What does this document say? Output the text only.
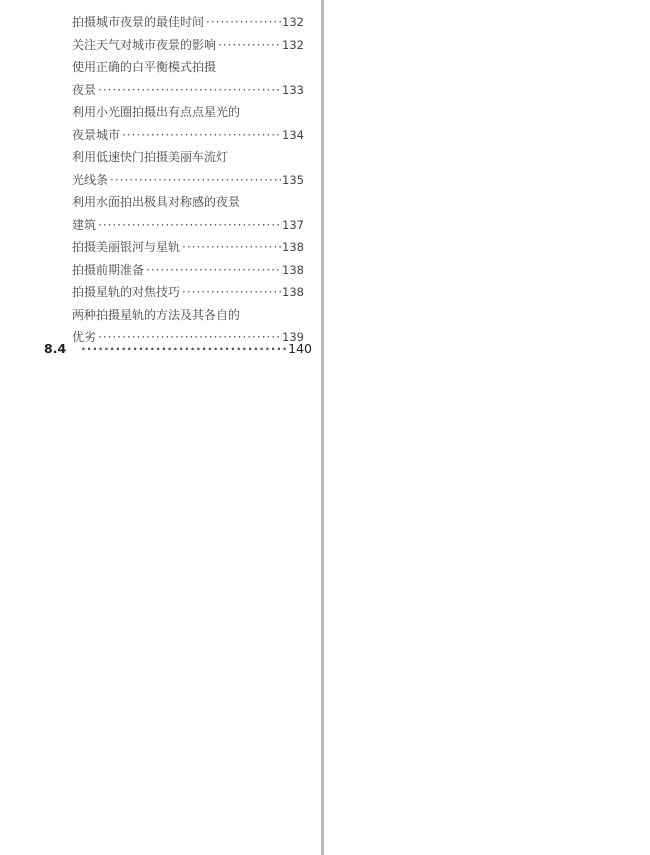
拍摄城市夜景的最佳时间 ·····	132
关注天气对城市夜景的影响 ·····	132
使用正确的白平衡模式拍摄
夜景 ·····	133
利用小光圈拍摄出有点点星光的
夜景城市 ·····	134
利用低速快门拍摄美丽车流灯
光线条 ·····	135
利用水面拍出极具对称感的夜景
建筑 ·····	137
拍摄美丽银河与星轨 ·····	138
拍摄前期准备 ·····	138
拍摄星轨的对焦技巧 ·····	138
两种拍摄星轨的方法及其各自的
优劣 ·····	139
8.4 ·····	140
